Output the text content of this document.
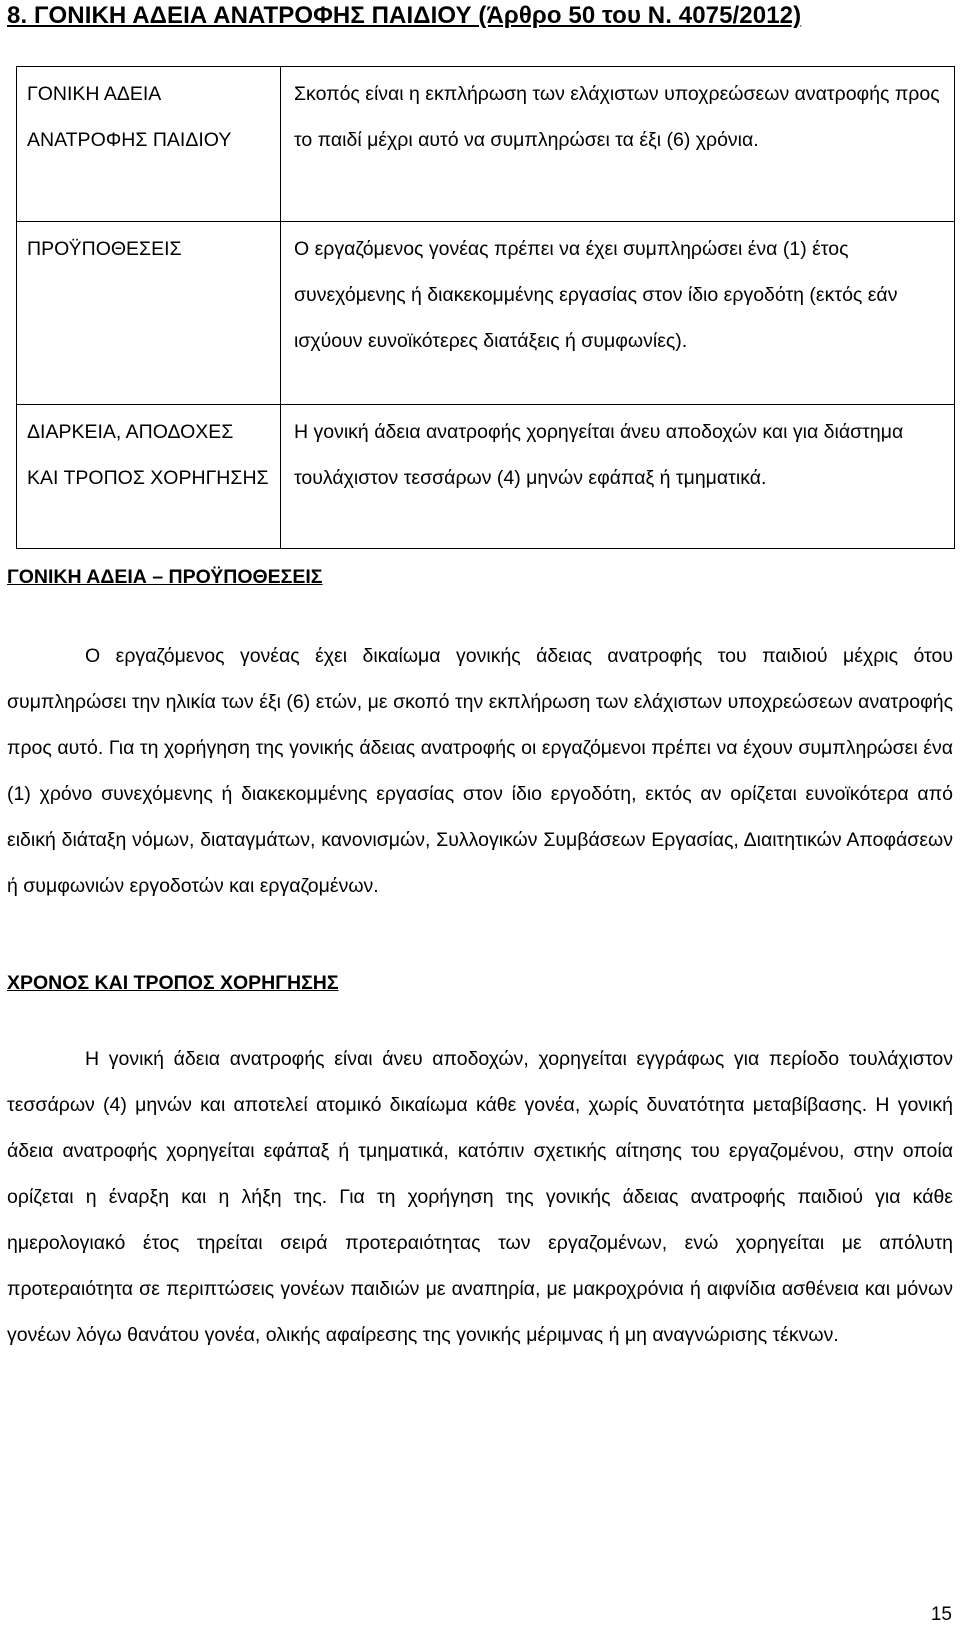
8. ΓΟΝΙΚΗ ΑΔΕΙΑ ΑΝΑΤΡΟΦΗΣ ΠΑΙΔΙΟΥ (Άρθρο 50 του Ν. 4075/2012)
ΓΟΝΙΚΗ ΑΔΕΙΑ ΑΝΑΤΡΟΦΗΣ ΠΑΙΔΙΟΥ	Σκοπός είναι η εκπλήρωση των ελάχιστων υποχρεώσεων ανατροφής προς το παιδί μέχρι αυτό να συμπληρώσει τα έξι (6) χρόνια.
ΠΡΟΫΠΟΘΕΣΕΙΣ	Ο εργαζόμενος γονέας πρέπει να έχει συμπληρώσει ένα (1) έτος συνεχόμενης ή διακεκομμένης εργασίας στον ίδιο εργοδότη (εκτός εάν ισχύουν ευνοϊκότερες διατάξεις ή συμφωνίες).
ΔΙΑΡΚΕΙΑ, ΑΠΟΔΟΧΕΣ ΚΑΙ ΤΡΟΠΟΣ ΧΟΡΗΓΗΣΗΣ	Η γονική άδεια ανατροφής χορηγείται άνευ αποδοχών και για διάστημα τουλάχιστον τεσσάρων (4) μηνών εφάπαξ ή τμηματικά.
ΓΟΝΙΚΗ ΑΔΕΙΑ – ΠΡΟΫΠΟΘΕΣΕΙΣ
Ο εργαζόμενος γονέας έχει δικαίωμα γονικής άδειας ανατροφής του παιδιού μέχρις ότου συμπληρώσει την ηλικία των έξι (6) ετών, με σκοπό την εκπλήρωση των ελάχιστων υποχρεώσεων ανατροφής προς αυτό. Για τη χορήγηση της γονικής άδειας ανατροφής οι εργαζόμενοι πρέπει να έχουν συμπληρώσει ένα (1) χρόνο συνεχόμενης ή διακεκομμένης εργασίας στον ίδιο εργοδότη, εκτός αν ορίζεται ευνοϊκότερα από ειδική διάταξη νόμων, διαταγμάτων, κανονισμών, Συλλογικών Συμβάσεων Εργασίας, Διαιτητικών Αποφάσεων ή συμφωνιών εργοδοτών και εργαζομένων.
ΧΡΟΝΟΣ ΚΑΙ ΤΡΟΠΟΣ ΧΟΡΗΓΗΣΗΣ
Η γονική άδεια ανατροφής είναι άνευ αποδοχών, χορηγείται εγγράφως για περίοδο τουλάχιστον τεσσάρων (4) μηνών και αποτελεί ατομικό δικαίωμα κάθε γονέα, χωρίς δυνατότητα μεταβίβασης. Η γονική άδεια ανατροφής χορηγείται εφάπαξ ή τμηματικά, κατόπιν σχετικής αίτησης του εργαζομένου, στην οποία ορίζεται η έναρξη και η λήξη της. Για τη χορήγηση της γονικής άδειας ανατροφής παιδιού για κάθε ημερολογιακό έτος τηρείται σειρά προτεραιότητας των εργαζομένων, ενώ χορηγείται με απόλυτη προτεραιότητα σε περιπτώσεις γονέων παιδιών με αναπηρία, με μακροχρόνια ή αιφνίδια ασθένεια και μόνων γονέων λόγω θανάτου γονέα, ολικής αφαίρεσης της γονικής μέριμνας ή μη αναγνώρισης τέκνων.
15
